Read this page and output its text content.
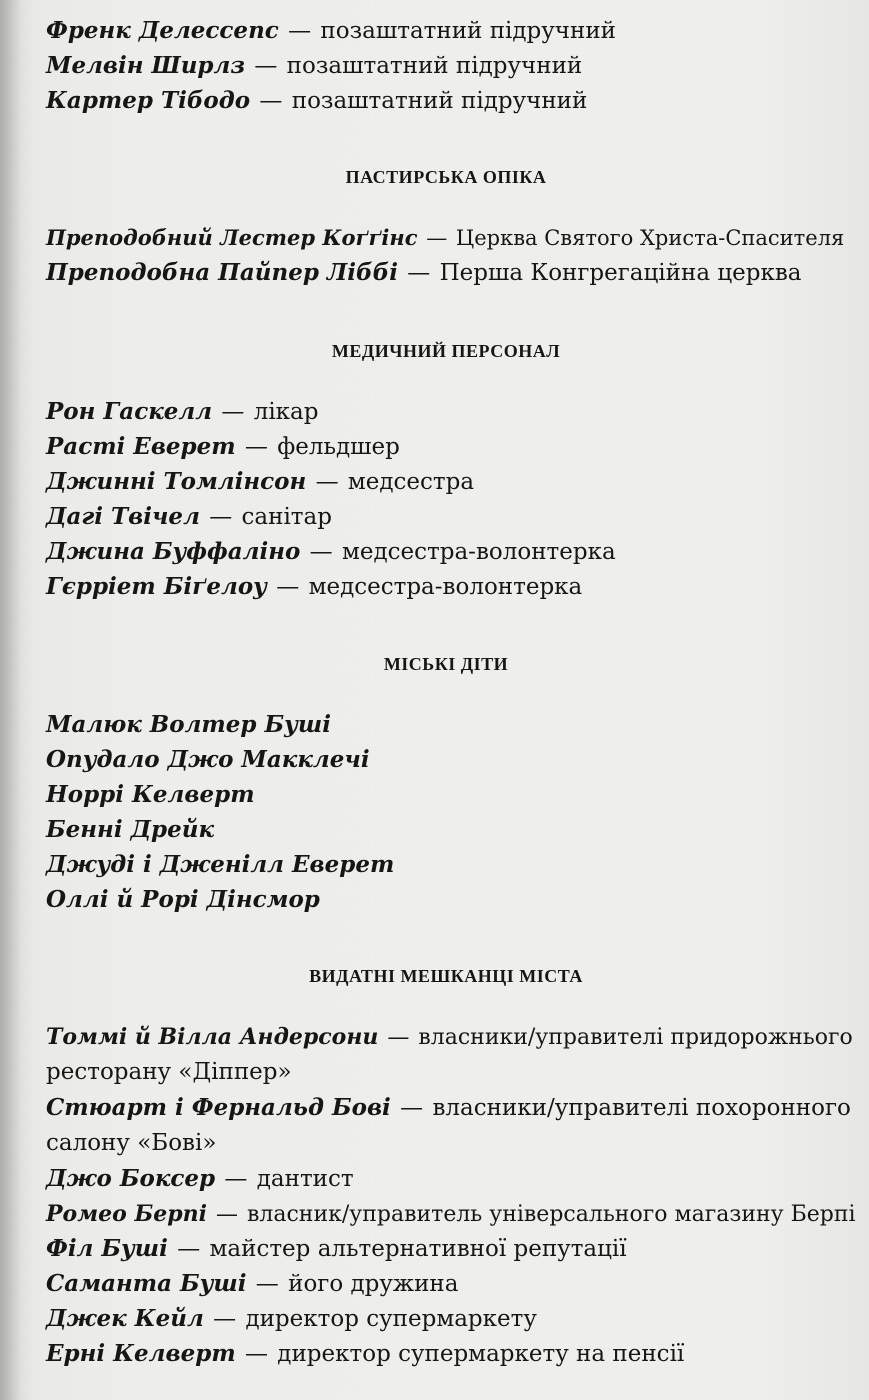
Френк Делессепс — позаштатний підручний
Мелвін Ширлз — позаштатний підручний
Картер Тібодо — позаштатний підручний
ПАСТИРСЬКА ОПІКА
Преподобний Лестер Коґґінс — Церква Святого Христа-Спасителя
Преподобна Пайпер Ліббі — Перша Конгрегаційна церква
МЕДИЧНИЙ ПЕРСОНАЛ
Рон Гаскелл — лікар
Расті Еверет — фельдшер
Джинні Томлінсон — медсестра
Дагі Твічел — санітар
Джина Буффаліно — медсестра-волонтерка
Гєрріет Біґелоу — медсестра-волонтерка
МІСЬКІ ДІТИ
Малюк Волтер Буші
Опудало Джо Макклечі
Норрі Келверт
Бенні Дрейк
Джуді і Дженілл Еверет
Оллі й Рорі Дінсмор
ВИДАТНІ МЕШКАНЦІ МІСТА
Томмі й Вілла Андерсони — власники/управителі придорожнього
ресторану «Діппер»
Стюарт і Фернальд Бові — власники/управителі похоронного
салону «Бові»
Джо Боксер — дантист
Ромео Берпі — власник/управитель універсального магазину Берпі
Філ Буші — майстер альтернативної репутації
Саманта Буші — його дружина
Джек Кейл — директор супермаркету
Ерні Келверт — директор супермаркету на пенсії
